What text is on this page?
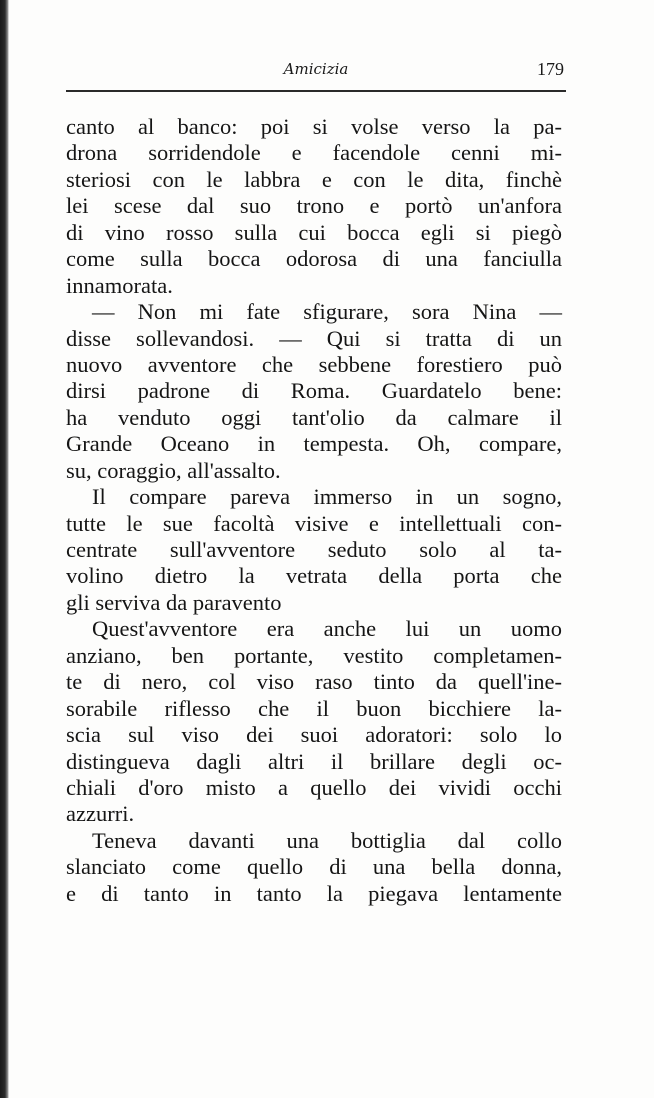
Amicizia	179
canto al banco: poi si volse verso la pa-
drona sorridendole e facendole cenni mi-
steriosi con le labbra e con le dita, finchè
lei scese dal suo trono e portò un'anfora
di vino rosso sulla cui bocca egli si piegò
come sulla bocca odorosa di una fanciulla
innamorata.
— Non mi fate sfigurare, sora Nina —
disse sollevandosi. — Qui si tratta di un
nuovo avventore che sebbene forestiero può
dirsi padrone di Roma. Guardatelo bene:
ha venduto oggi tant'olio da calmare il
Grande Oceano in tempesta. Oh, compare,
su, coraggio, all'assalto.
Il compare pareva immerso in un sogno,
tutte le sue facoltà visive e intellettuali con-
centrate sull'avventore seduto solo al ta-
volino dietro la vetrata della porta che
gli serviva da paravento
Quest'avventore era anche lui un uomo
anziano, ben portante, vestito completamen-
te di nero, col viso raso tinto da quell'ine-
sorabile riflesso che il buon bicchiere la-
scia sul viso dei suoi adoratori: solo lo
distingueva dagli altri il brillare degli oc-
chiali d'oro misto a quello dei vividi occhi
azzurri.
Teneva davanti una bottiglia dal collo
slanciato come quello di una bella donna,
e di tanto in tanto la piegava lentamente
